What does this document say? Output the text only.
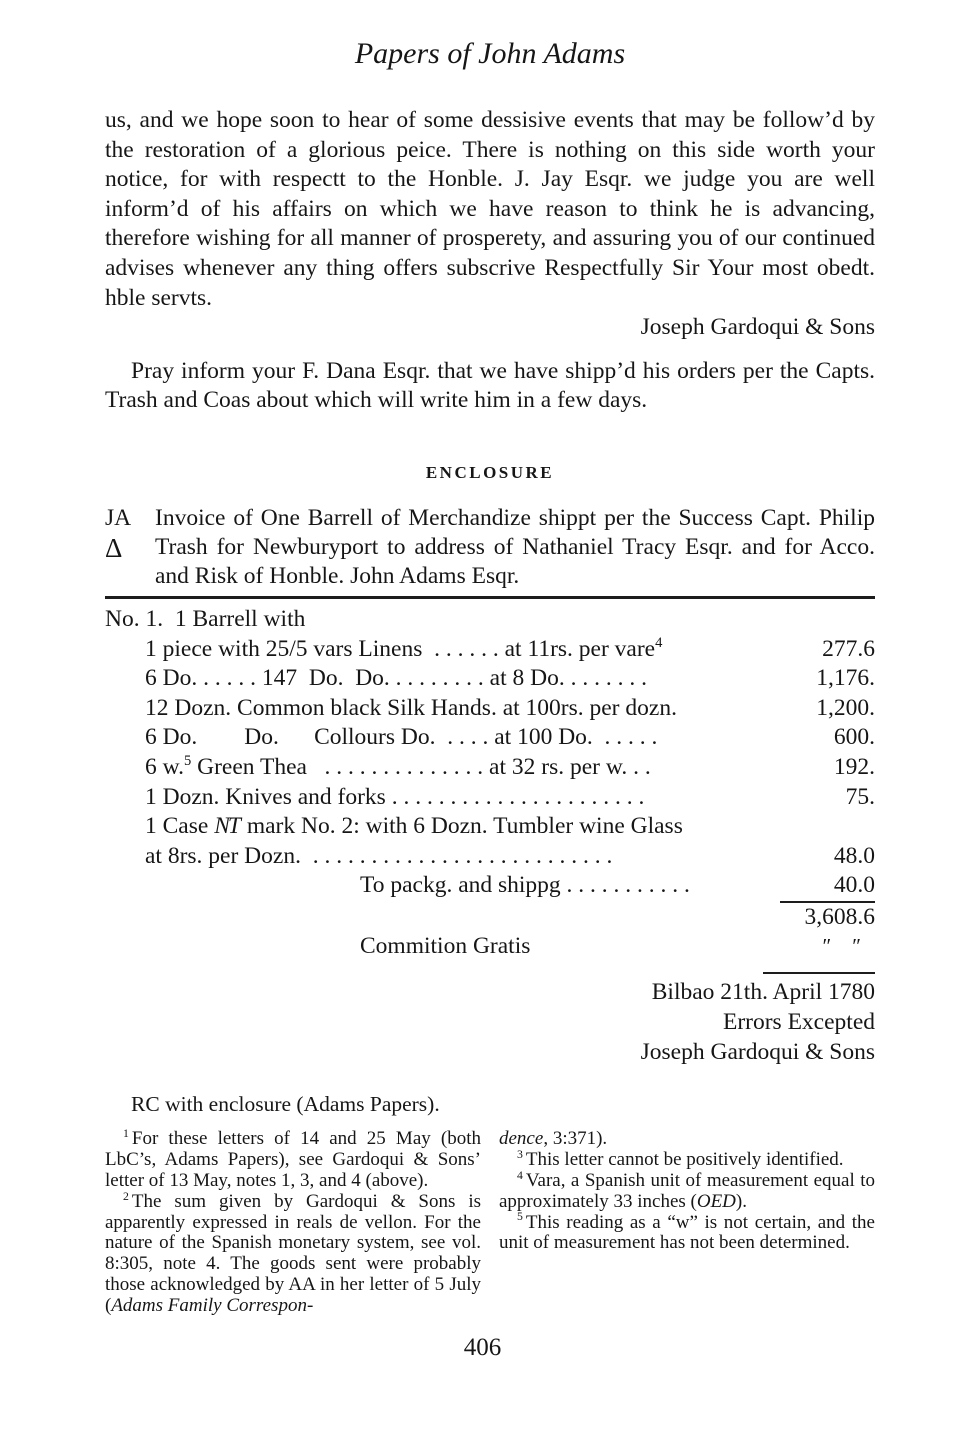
Papers of John Adams

us, and we hope soon to hear of some dessisive events that may be follow’d by the restoration of a glorious peice. There is nothing on this side worth your notice, for with respectt to the Honble. J. Jay Esqr. we judge you are well inform’d of his affairs on which we have reason to think he is advancing, therefore wishing for all manner of prosperety, and assuring you of our continued advises whenever any thing offers subscrive Respectfully Sir Your most obedt. hble servts.

Joseph Gardoqui & Sons

Pray inform your F. Dana Esqr. that we have shipp’d his orders per the Capts. Trash and Coas about which will write him in a few days.

ENCLOSURE
JA
Δ
Invoice of One Barrell of Merchandize shippt per the Success Capt. Philip Trash for Newburyport to address of Nathaniel Tracy Esqr. and for Acco. and Risk of Honble. John Adams Esqr.
No. 1.  1 Barrell with
1 piece with 25/5 vars Linens  . . . . . . at 11rs. per vare$^4$	277.6
6 Do. . . . . . 147  Do.  Do. . . . . . . . . at 8 Do. . . . . . . .	1,176.
12 Dozn. Common black Silk Hands. at 100rs. per dozn.	1,200.
6 Do.        Do.      Collours Do.  . . . . at 100 Do.  . . . . .	600.
6 w.$^5$ Green Thea   . . . . . . . . . . . . . . at 32 rs. per w. . .	192.
1 Dozn. Knives and forks . . . . . . . . . . . . . . . . . . . . . .	75.
1 Case NT mark No. 2: with 6 Dozn. Tumbler wine Glass
at 8rs. per Dozn.  . . . . . . . . . . . . . . . . . . . . . . . . . .	48.0
To packg. and shippg . . . . . . . . . . .	40.0
3,608.6
Commition Gratis	″    ″
Bilbao 21th. April 1780
Errors Excepted
Joseph Gardoqui & Sons
RC with enclosure (Adams Papers).

$^1$ For these letters of 14 and 25 May (both LbC’s, Adams Papers), see Gardoqui & Sons’ letter of 13 May, notes 1, 3, and 4 (above).

$^2$ The sum given by Gardoqui & Sons is apparently expressed in reals de vellon. For the nature of the Spanish monetary system, see vol. 8:305, note 4. The goods sent were probably those acknowledged by AA in her letter of 5 July (Adams Family Correspon-

dence, 3:371).

$^3$ This letter cannot be positively identified.

$^4$ Vara, a Spanish unit of measurement equal to approximately 33 inches (OED).

$^5$ This reading as a “w” is not certain, and the unit of measurement has not been determined.

406
